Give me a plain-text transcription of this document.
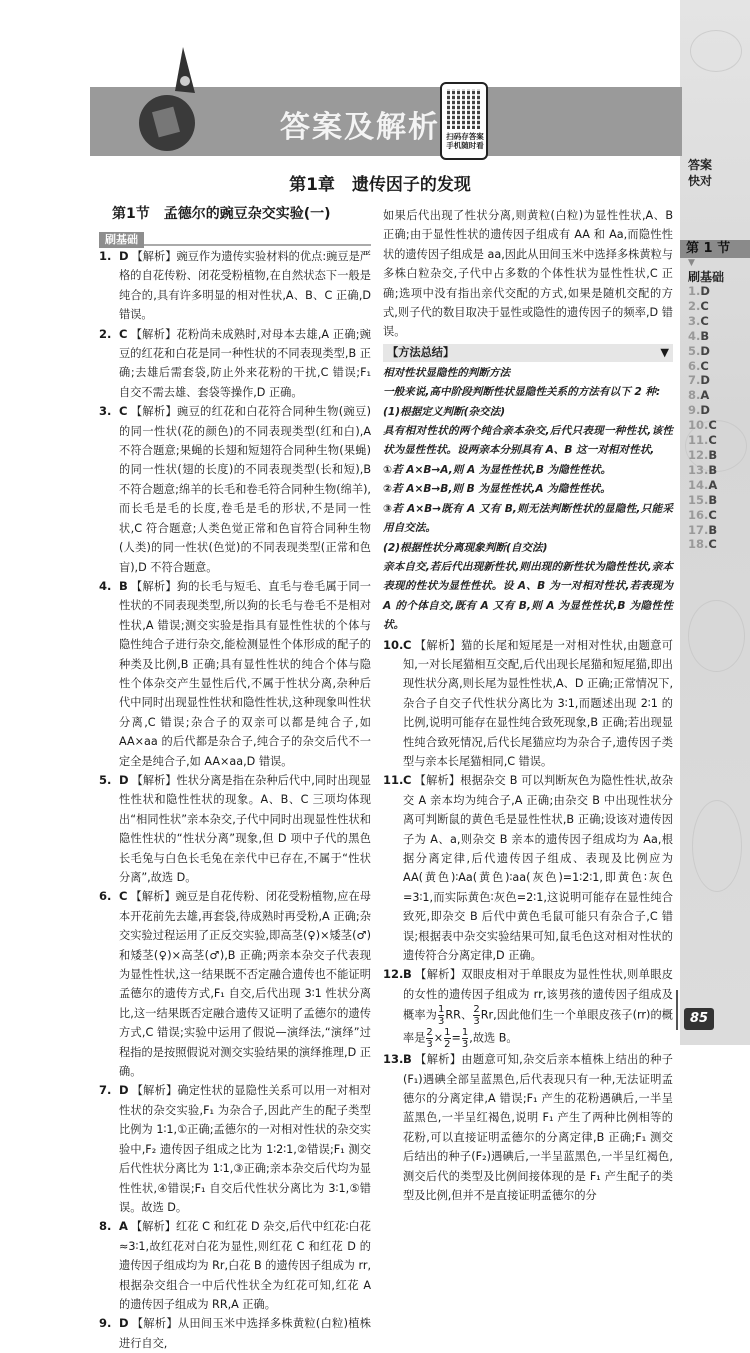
答案
快对
第 1 节
▼
刷基础
1.D
2.C
3.C
4.B
5.D
6.C
7.D
8.A
9.D
10.C
11.C
12.B
13.B
14.A
15.B
16.C
17.B
18.C
答案及解析 扫码存答案 手机随时看
第1章　遗传因子的发现
第1节　孟德尔的豌豆杂交实验(一)
刷基础

1. D 【解析】豌豆作为遗传实验材料的优点:豌豆是严格的自花传粉、闭花受粉植物,在自然状态下一般是纯合的,具有许多明显的相对性状,A、B、C 正确,D 错误。

2. C 【解析】花粉尚未成熟时,对母本去雄,A 正确;豌豆的红花和白花是同一种性状的不同表现类型,B 正确;去雄后需套袋,防止外来花粉的干扰,C 错误;F₁ 自交不需去雄、套袋等操作,D 正确。

3. C 【解析】豌豆的红花和白花符合同种生物(豌豆)的同一性状(花的颜色)的不同表现类型(红和白),A 不符合题意;果蝇的长翅和短翅符合同种生物(果蝇)的同一性状(翅的长度)的不同表现类型(长和短),B 不符合题意;绵羊的长毛和卷毛符合同种生物(绵羊),而长毛是毛的长度,卷毛是毛的形状,不是同一性状,C 符合题意;人类色觉正常和色盲符合同种生物(人类)的同一性状(色觉)的不同表现类型(正常和色盲),D 不符合题意。

4. B 【解析】狗的长毛与短毛、直毛与卷毛属于同一性状的不同表现类型,所以狗的长毛与卷毛不是相对性状,A 错误;测交实验是指具有显性性状的个体与隐性纯合子进行杂交,能检测显性个体形成的配子的种类及比例,B 正确;具有显性性状的纯合个体与隐性个体杂交产生显性后代,不属于性状分离,杂种后代中同时出现显性性状和隐性性状,这种现象叫性状分离,C 错误;杂合子的双亲可以都是纯合子,如 AA×aa 的后代都是杂合子,纯合子的杂交后代不一定全是纯合子,如 AA×aa,D 错误。

5. D 【解析】性状分离是指在杂种后代中,同时出现显性性状和隐性性状的现象。A、B、C 三项均体现出“相同性状”亲本杂交,子代中同时出现显性性状和隐性性状的“性状分离”现象,但 D 项中子代的黑色长毛兔与白色长毛兔在亲代中已存在,不属于“性状分离”,故选 D。

6. C 【解析】豌豆是自花传粉、闭花受粉植物,应在母本开花前先去雄,再套袋,待成熟时再受粉,A 正确;杂交实验过程运用了正反交实验,即高茎(♀)×矮茎(♂)和矮茎(♀)×高茎(♂),B 正确;两亲本杂交子代表现为显性性状,这一结果既不否定融合遗传也不能证明孟德尔的遗传方式,F₁ 自交,后代出现 3∶1 性状分离比,这一结果既否定融合遗传又证明了孟德尔的遗传方式,C 错误;实验中运用了假说—演绎法,“演绎”过程指的是按照假说对测交实验结果的演绎推理,D 正确。

7. D 【解析】确定性状的显隐性关系可以用一对相对性状的杂交实验,F₁ 为杂合子,因此产生的配子类型比例为 1∶1,①正确;孟德尔的一对相对性状的杂交实验中,F₂ 遗传因子组成之比为 1∶2∶1,②错误;F₁ 测交后代性状分离比为 1∶1,③正确;亲本杂交后代均为显性性状,④错误;F₁ 自交后代性状分离比为 3∶1,⑤错误。故选 D。

8. A 【解析】红花 C 和红花 D 杂交,后代中红花∶白花≈3∶1,故红花对白花为显性,则红花 C 和红花 D 的遗传因子组成均为 Rr,白花 B 的遗传因子组成为 rr,根据杂交组合一中后代性状全为红花可知,红花 A 的遗传因子组成为 RR,A 正确。

9. D 【解析】从田间玉米中选择多株黄粒(白粒)植株进行自交,

如果后代出现了性状分离,则黄粒(白粒)为显性性状,A、B 正确;由于显性性状的遗传因子组成有 AA 和 Aa,而隐性性状的遗传因子组成是 aa,因此从田间玉米中选择多株黄粒与多株白粒杂交,子代中占多数的个体性状为显性性状,C 正确;选项中没有指出亲代交配的方式,如果是随机交配的方式,则子代的数目取决于显性或隐性的遗传因子的频率,D 错误。

【方法总结】	▼
相对性状显隐性的判断方法
一般来说,高中阶段判断性状显隐性关系的方法有以下 2 种:
(1)根据定义判断(杂交法)
具有相对性状的两个纯合亲本杂交,后代只表现一种性状,该性状为显性性状。设两亲本分别具有 A、B 这一对相对性状,
①若 A×B→A,则 A 为显性性状,B 为隐性性状。
②若 A×B→B,则 B 为显性性状,A 为隐性性状。
③若 A×B→既有 A 又有 B,则无法判断性状的显隐性,只能采用自交法。
(2)根据性状分离现象判断(自交法)
亲本自交,若后代出现新性状,则出现的新性状为隐性性状,亲本表现的性状为显性性状。设 A、B 为一对相对性状,若表现为 A 的个体自交,既有 A 又有 B,则 A 为显性性状,B 为隐性性状。

10.C 【解析】猫的长尾和短尾是一对相对性状,由题意可知,一对长尾猫相互交配,后代出现长尾猫和短尾猫,即出现性状分离,则长尾为显性性状,A、D 正确;正常情况下,杂合子自交子代性状分离比为 3∶1,而题述出现 2∶1 的比例,说明可能存在显性纯合致死现象,B 正确;若出现显性纯合致死情况,后代长尾猫应均为杂合子,遗传因子类型与亲本长尾猫相同,C 错误。

11.C 【解析】根据杂交 B 可以判断灰色为隐性性状,故杂交 A 亲本均为纯合子,A 正确;由杂交 B 中出现性状分离可判断鼠的黄色毛是显性性状,B 正确;设该对遗传因子为 A、a,则杂交 B 亲本的遗传因子组成均为 Aa,根据分离定律,后代遗传因子组成、表现及比例应为 AA(黄色)∶Aa(黄色)∶aa(灰色)=1∶2∶1,即黄色∶灰色=3∶1,而实际黄色∶灰色=2∶1,这说明可能存在显性纯合致死,即杂交 B 后代中黄色毛鼠可能只有杂合子,C 错误;根据表中杂交实验结果可知,鼠毛色这对相对性状的遗传符合分离定律,D 正确。

12.B 【解析】双眼皮相对于单眼皮为显性性状,则单眼皮的女性的遗传因子组成为 rr,该男孩的遗传因子组成及概率为 $\frac{1}{3}$ RR、 $\frac{2}{3} Rr$,因此他们生一个单眼皮孩子(rr)的概率是 $\frac{2}{3} \times \frac{1}{2} = \frac{1}{3}$ ,故选 B。

13.B 【解析】由题意可知,杂交后亲本植株上结出的种子(F₁)遇碘全部呈蓝黑色,后代表现只有一种,无法证明孟德尔的分离定律,A 错误;F₁ 产生的花粉遇碘后,一半呈蓝黑色,一半呈红褐色,说明 F₁ 产生了两种比例相等的花粉,可以直接证明孟德尔的分离定律,B 正确;F₁ 测交后结出的种子(F₂)遇碘后,一半呈蓝黑色,一半呈红褐色,测交后代的类型及比例间接体现的是 F₁ 产生配子的类型及比例,但并不是直接证明孟德尔的分

85
